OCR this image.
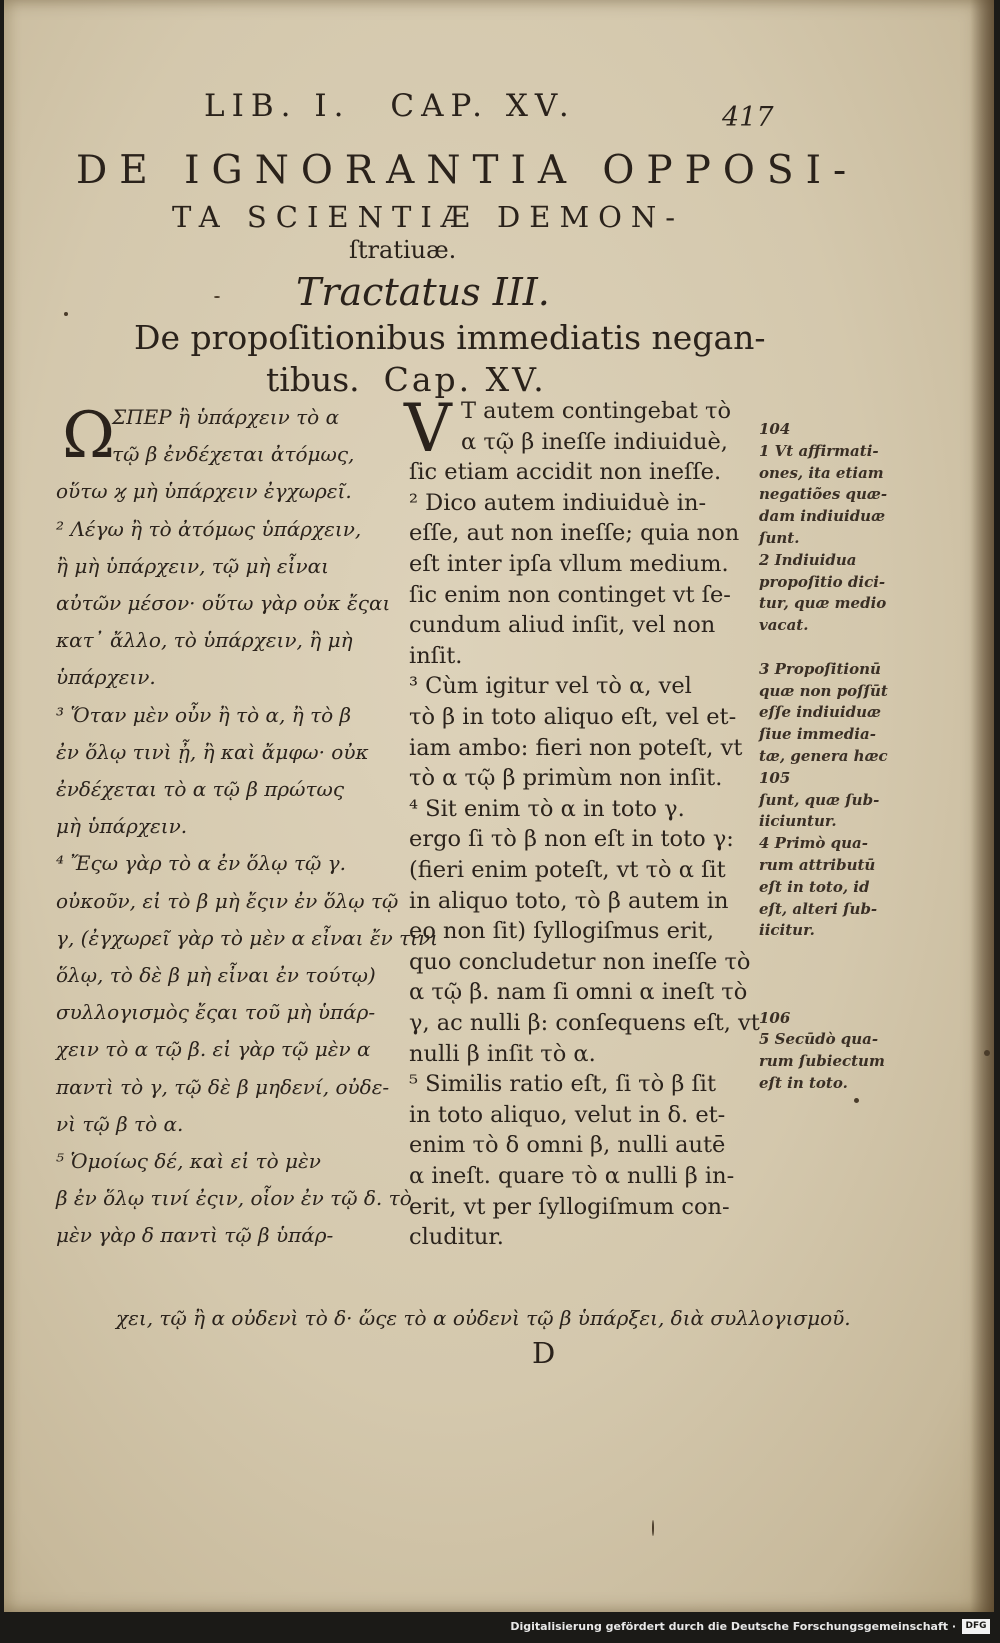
LIB. I. CAP. XV.	417
DE IGNORANTIA OPPOSI-
TA SCIENTIÆ DEMON-
ſtratiuæ.
Tractatus III.
De propoſitionibus immediatis negan-
tibus. Cap. XV.
Ω
ΣΠΕΡ ἢ ὑπάρχειν τὸ α
τῷ β ἐνδέχεται ἀτόμως,
οὕτω ϗ μὴ ὑπάρχειν ἐγχωρεῖ.
² Λέγω ἢ τὸ ἀτόμως ὑπάρχειν,
ἢ μὴ ὑπάρχειν, τῷ μὴ εἶναι
αὐτῶν μέσον· οὕτω γὰρ οὐκ ἔςαι
κατ᾽ ἄλλο, τὸ ὑπάρχειν, ἢ μὴ
ὑπάρχειν.
³ Ὅταν μὲν οὖν ἢ τὸ α, ἢ τὸ β
ἐν ὅλῳ τινὶ ᾖ, ἢ καὶ ἄμφω· οὐκ
ἐνδέχεται τὸ α τῷ β πρώτως
μὴ ὑπάρχειν.
⁴ Ἔςω γὰρ τὸ α ἐν ὅλῳ τῷ γ.
οὐκοῦν, εἰ τὸ β μὴ ἔςιν ἐν ὅλῳ τῷ
γ, (ἐγχωρεῖ γὰρ τὸ μὲν α εἶναι ἔν τινι
ὅλῳ, τὸ δὲ β μὴ εἶναι ἐν τούτῳ)
συλλογισμὸς ἔςαι τοῦ μὴ ὑπάρ-
χειν τὸ α τῷ β. εἰ γὰρ τῷ μὲν α
παντὶ τὸ γ, τῷ δὲ β μηδενί, οὐδε-
νὶ τῷ β τὸ α.
⁵ Ὁμοίως δέ, καὶ εἰ τὸ μὲν
β ἐν ὅλῳ τινί ἐςιν, οἷον ἐν τῷ δ. τὸ
μὲν γὰρ δ παντὶ τῷ β ὑπάρ-
V T autem contingebat τὸ
α τῷ β ineſſe indiuiduè,
ſic etiam accidit non ineſſe.
² Dico autem indiuiduè in-
eſſe, aut non ineſſe; quia non
eſt inter ipſa vllum medium.
ſic enim non continget vt ſe-
cundum aliud inſit, vel non
inſit.
³ Cùm igitur vel τὸ α, vel
τὸ β in toto aliquo eſt, vel et-
iam ambo: fieri non poteſt, vt
τὸ α τῷ β primùm non inſit.
⁴ Sit enim τὸ α in toto γ.
ergo ſi τὸ β non eſt in toto γ:
(fieri enim poteſt, vt τὸ α ſit
in aliquo toto, τὸ β autem in
eo non ſit) ſyllogiſmus erit,
quo concludetur non ineſſe τὸ
α τῷ β. nam ſi omni α ineſt τὸ
γ, ac nulli β: conſequens eſt, vt
nulli β inſit τὸ α.
⁵ Similis ratio eſt, ſi τὸ β ſit
in toto aliquo, velut in δ. et-
enim τὸ δ omni β, nulli autē
α ineſt. quare τὸ α nulli β in-
erit, vt per ſyllogiſmum con-
cluditur.
104
1 Vt affirmati-
ones, ita etiam
negatiões quæ-
dam indiuiduæ
ſunt.
2 Indiuidua
propoſitio dici-
tur, quæ medio
vacat.
3 Propoſitionū
quæ non poſſūt
eſſe indiuiduæ
ſiue immedia-
tæ, genera hæc
105
ſunt, quæ ſub-
iiciuntur.
4 Primò qua-
rum attributū
eſt in toto, id
eſt, alteri ſub-
iicitur.
106
5 Secūdò qua-
rum ſubiectum
eſt in toto.
χει, τῷ ἢ α οὐδενὶ τὸ δ· ὥςε τὸ α οὐδενὶ τῷ β ὑπάρξει, διὰ συλλογισμοῦ.
D
Digitalisierung gefördert durch die Deutsche Forschungsgemeinschaft ·	DFG
